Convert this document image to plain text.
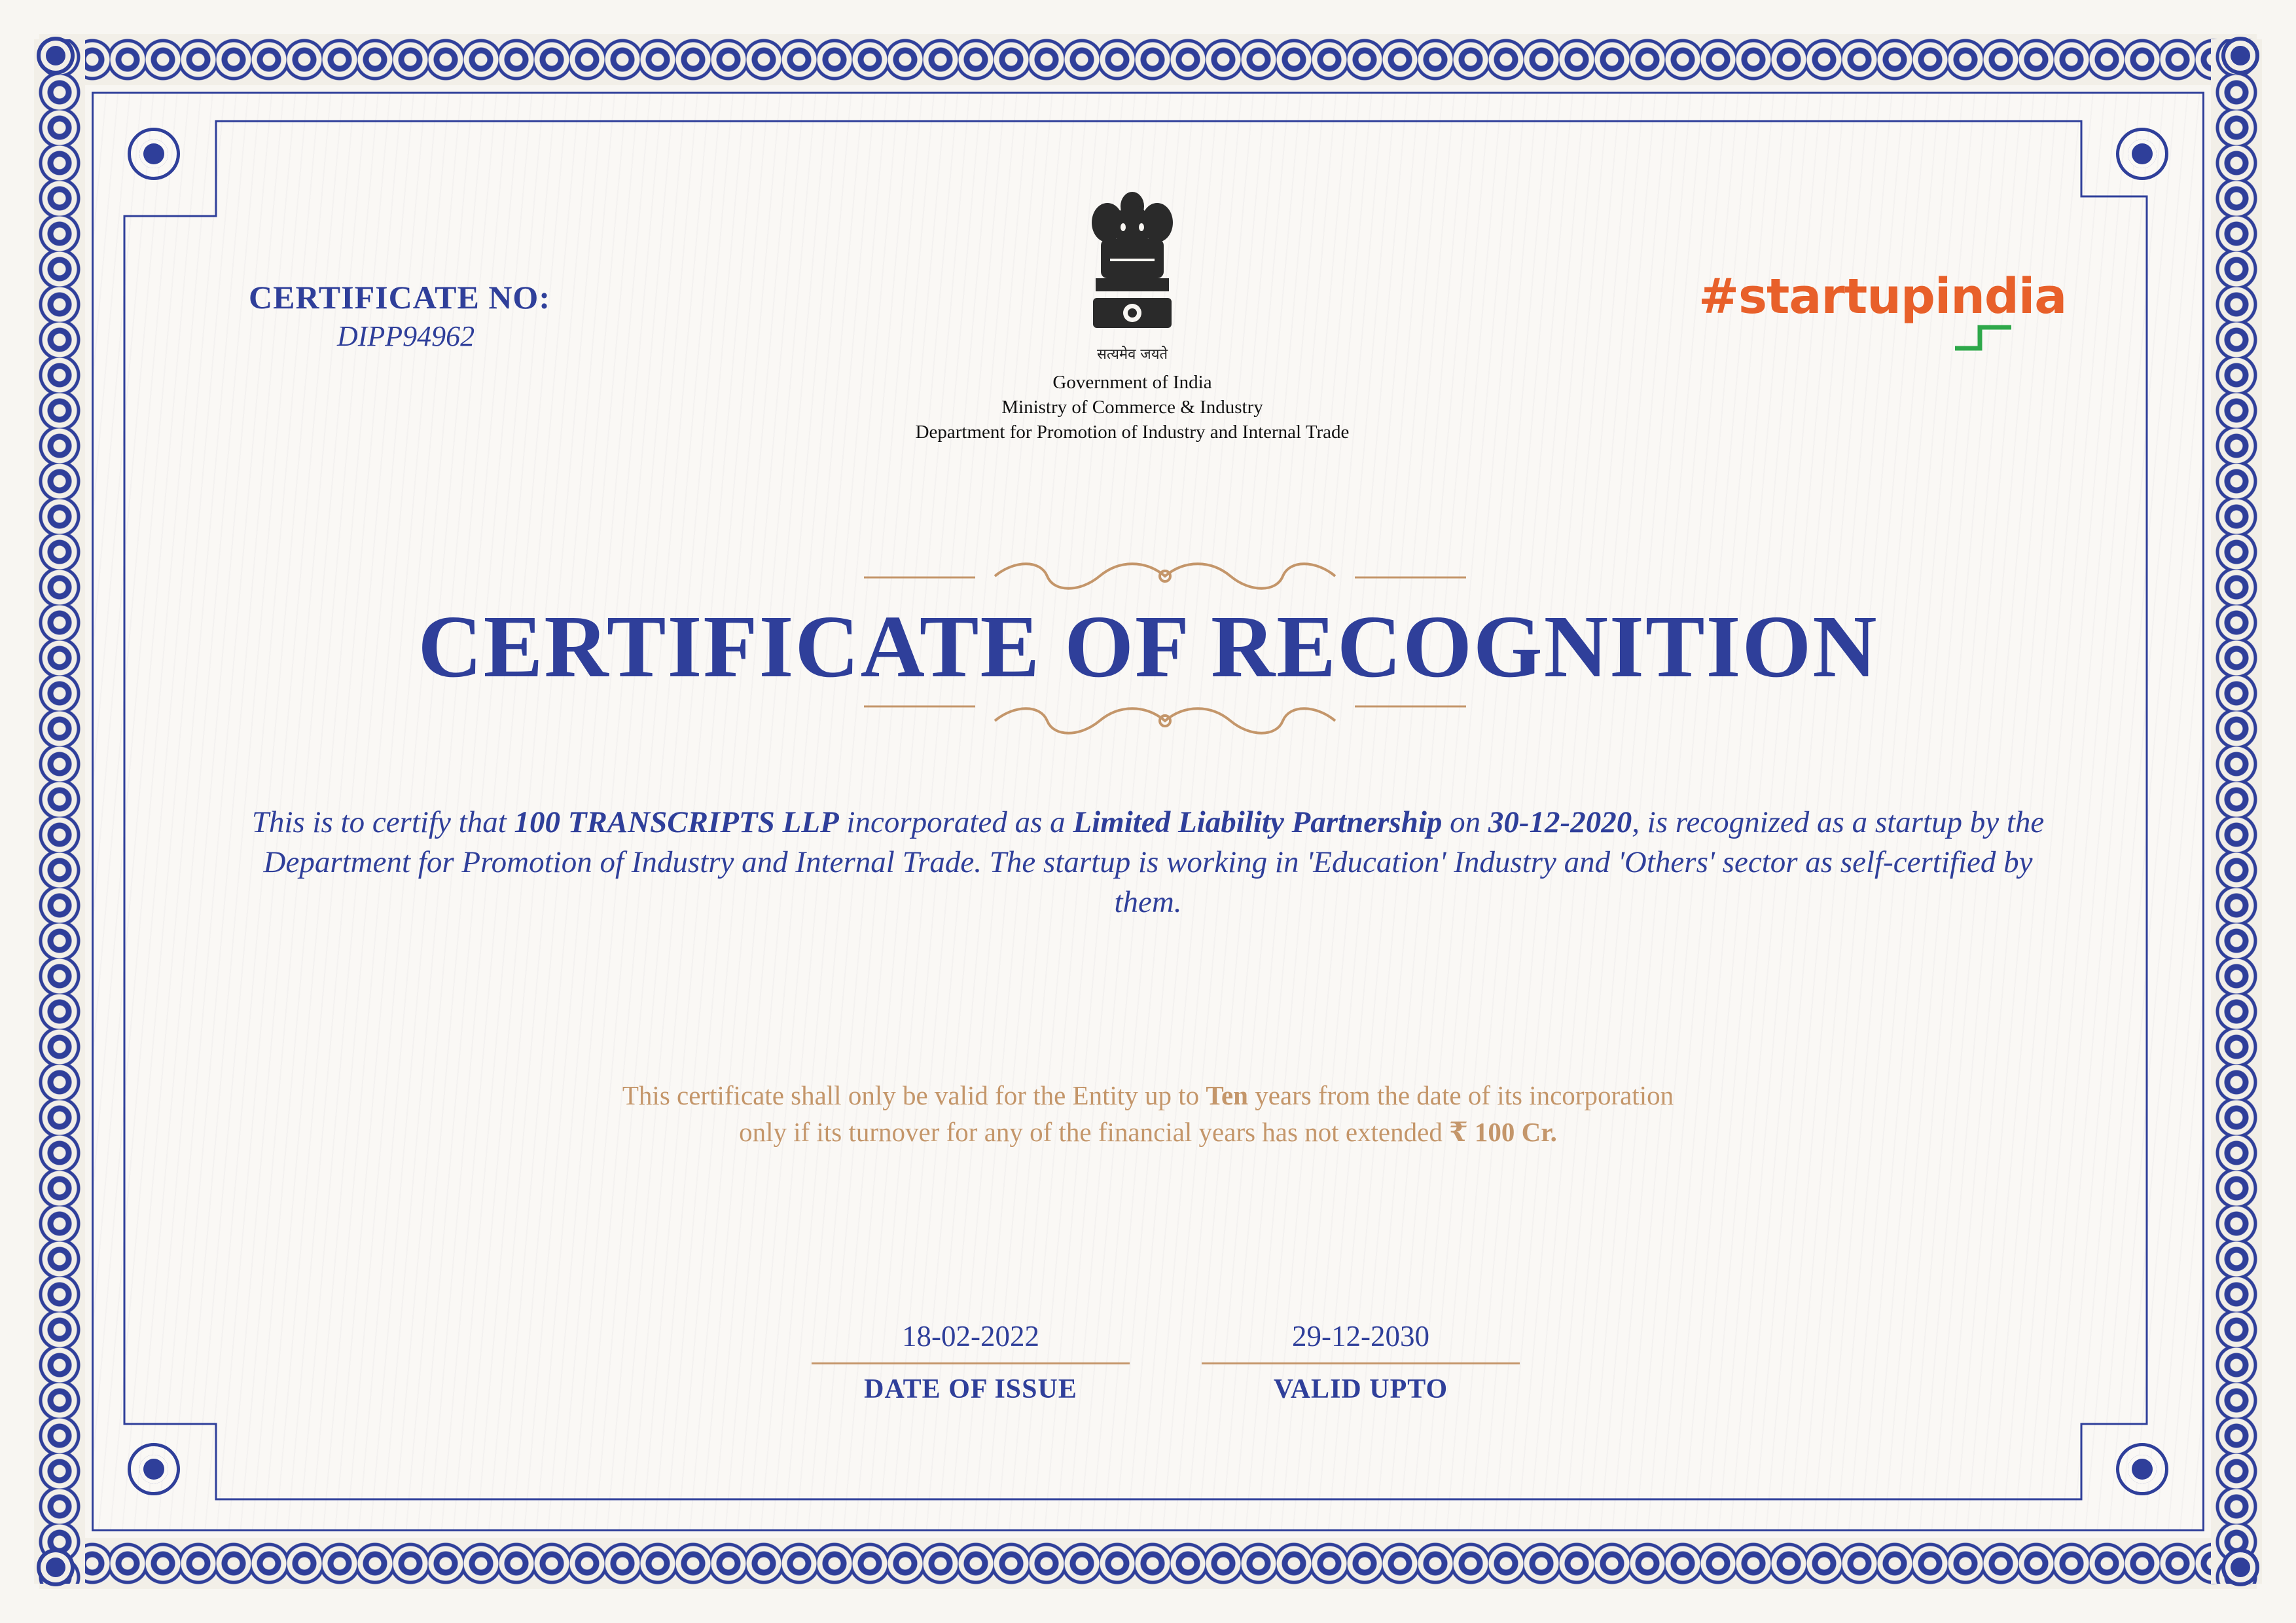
CERTIFICATE NO:
DIPP94962
सत्यमेव जयते
Government of India
Ministry of Commerce & Industry
Department for Promotion of Industry and Internal Trade
#startupindia
CERTIFICATE OF RECOGNITION
This is to certify that 100 TRANSCRIPTS LLP incorporated as a Limited Liability Partnership on 30-12-2020, is recognized as a startup by the Department for Promotion of Industry and Internal Trade. The startup is working in 'Education' Industry and 'Others' sector as self-certified by them.
This certificate shall only be valid for the Entity up to Ten years from the date of its incorporation
only if its turnover for any of the financial years has not extended ₹ 100 Cr.
18-02-2022
DATE OF ISSUE
29-12-2030
VALID UPTO
